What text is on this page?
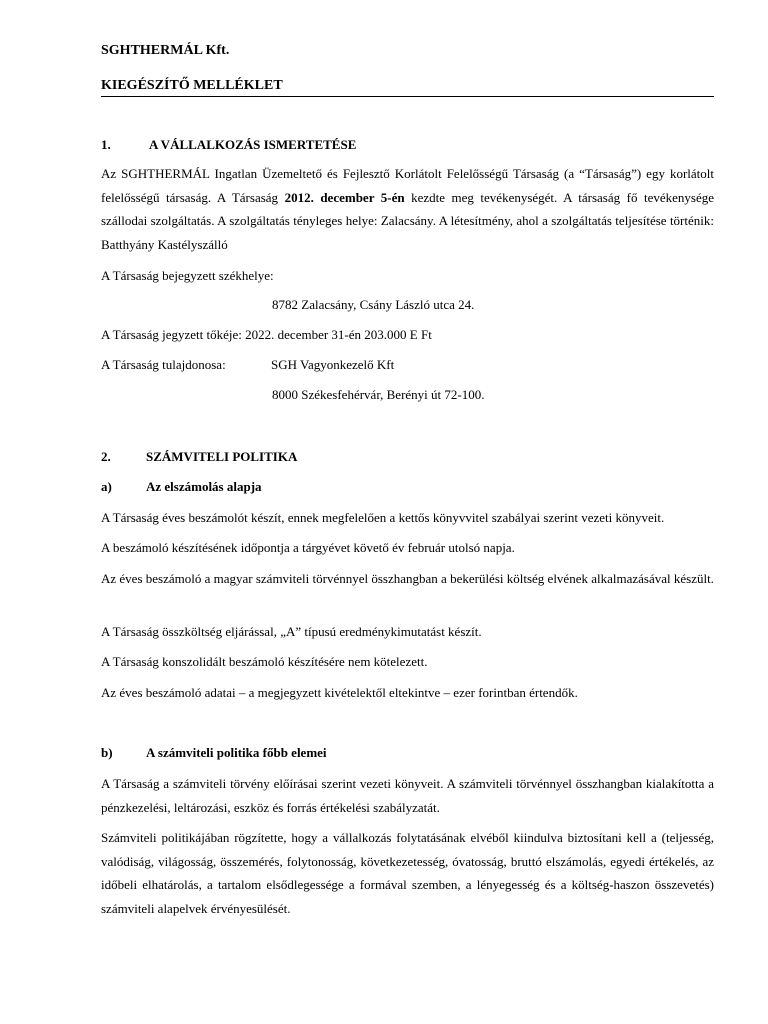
SGHTHERMÁL Kft.
KIEGÉSZÍTŐ MELLÉKLET
1.	A VÁLLALKOZÁS ISMERTETÉSE

Az SGHTHERMÁL Ingatlan Üzemeltető és Fejlesztő Korlátolt Felelősségű Társaság (a “Társaság”) egy korlátolt felelősségű társaság. A Társaság 2012. december 5-én kezdte meg tevékenységét. A társaság fő tevékenysége szállodai szolgáltatás. A szolgáltatás tényleges helye: Zalacsány. A létesítmény, ahol a szolgáltatás teljesítése történik: Batthyány Kastélyszálló

A Társaság bejegyzett székhelye:
8782 Zalacsány, Csány László utca 24.
A Társaság jegyzett tőkéje: 2022. december 31-én 203.000 E Ft
A Társaság tulajdonosa:	SGH Vagyonkezelő Kft
8000 Székesfehérvár, Berényi út 72-100.
2.	SZÁMVITELI POLITIKA
a)	Az elszámolás alapja

A Társaság éves beszámolót készít, ennek megfelelően a kettős könyvvitel szabályai szerint vezeti könyveit.

A beszámoló készítésének időpontja a tárgyévet követő év február utolsó napja.

Az éves beszámoló a magyar számviteli törvénnyel összhangban a bekerülési költség elvének alkalmazásával készült.

A Társaság összköltség eljárással, „A” típusú eredménykimutatást készít.

A Társaság konszolidált beszámoló készítésére nem kötelezett.

Az éves beszámoló adatai – a megjegyzett kivételektől eltekintve – ezer forintban értendők.

b)	A számviteli politika főbb elemei

A Társaság a számviteli törvény előírásai szerint vezeti könyveit. A számviteli törvénnyel összhangban kialakította a pénzkezelési, leltározási, eszköz és forrás értékelési szabályzatát.

Számviteli politikájában rögzítette, hogy a vállalkozás folytatásának elvéből kiindulva biztosítani kell a (teljesség, valódiság, világosság, összemérés, folytonosság, következetesség, óvatosság, bruttó elszámolás, egyedi értékelés, az időbeli elhatárolás, a tartalom elsődlegessége a formával szemben, a lényegesség és a költség-haszon összevetés) számviteli alapelvek érvényesülését.
